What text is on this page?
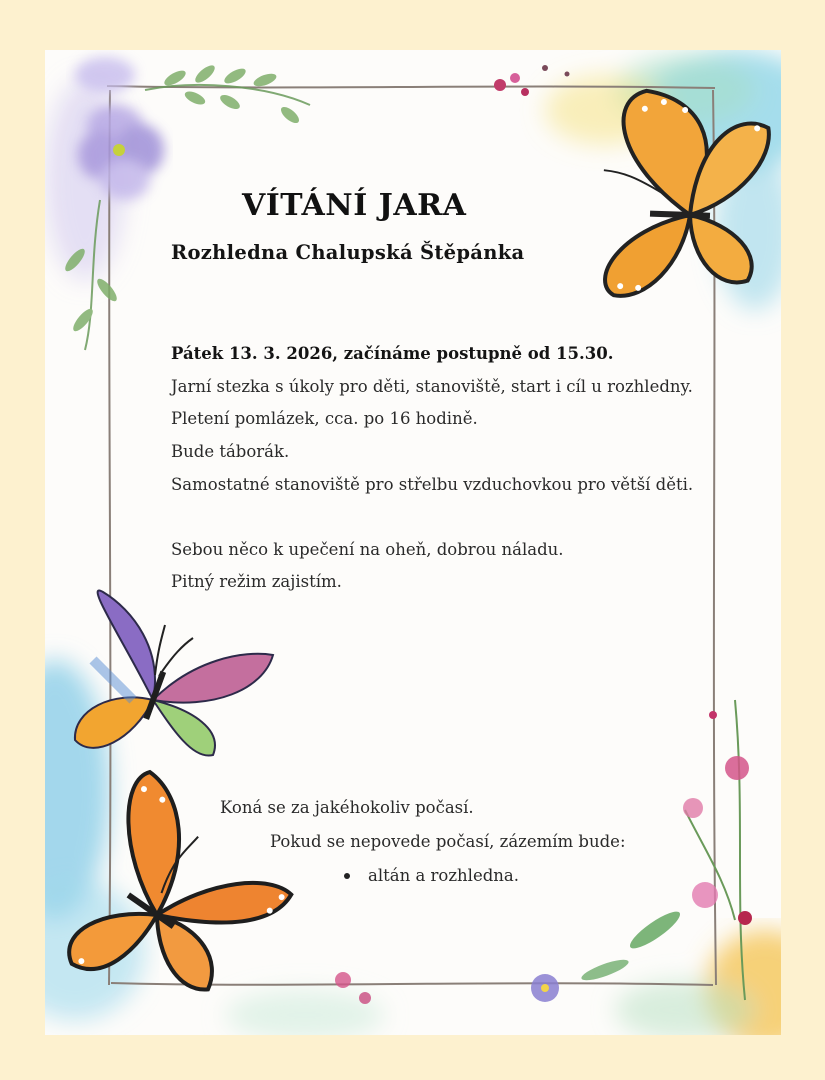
VÍTÁNÍ JARA
Rozhledna Chalupská Štěpánka

Pátek 13. 3. 2026, začínáme postupně od 15.30.

Jarní stezka s úkoly pro děti, stanoviště, start i cíl u rozhledny.

Pletení pomlázek, cca. po 16 hodině.

Bude táborák.

Samostatné stanoviště pro střelbu vzduchovkou pro větší děti.

Sebou něco k upečení na oheň, dobrou náladu.

Pitný režim zajistím.

Koná se za jakéhokoliv počasí.

Pokud se nepovede počasí, zázemím bude:

altán a rozhledna.
